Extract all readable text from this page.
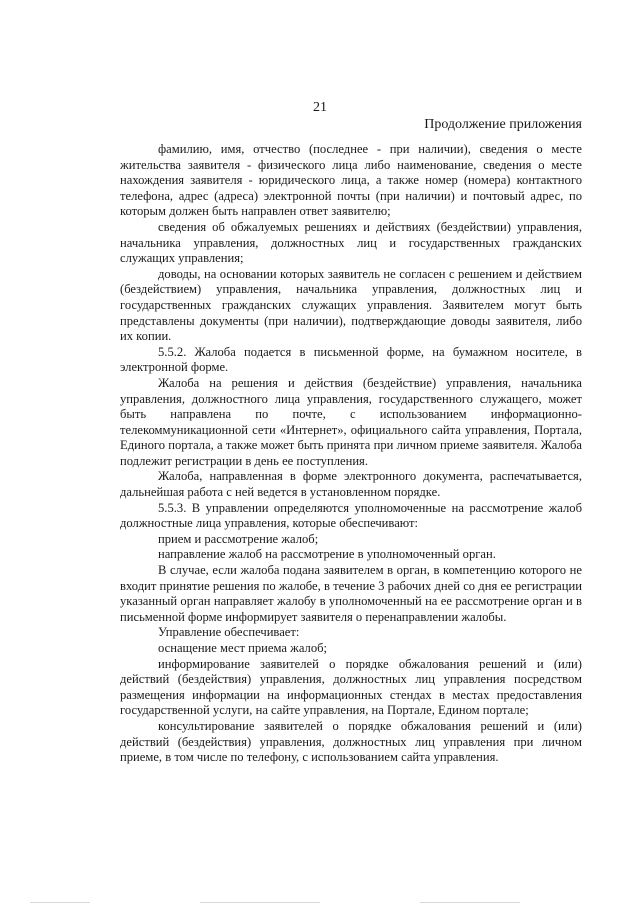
21
Продолжение приложения

фамилию, имя, отчество (последнее - при наличии), сведения о месте жительства заявителя - физического лица либо наименование, сведения о месте нахождения заявителя - юридического лица, а также номер (номера) контактного телефона, адрес (адреса) электронной почты (при наличии) и почтовый адрес, по которым должен быть направлен ответ заявителю;

сведения об обжалуемых решениях и действиях (бездействии) управления, начальника управления, должностных лиц и государственных гражданских служащих управления;

доводы, на основании которых заявитель не согласен с решением и действием (бездействием) управления, начальника управления, должностных лиц и государственных гражданских служащих управления. Заявителем могут быть представлены документы (при наличии), подтверждающие доводы заявителя, либо их копии.

5.5.2. Жалоба подается в письменной форме, на бумажном носителе, в электронной форме.

Жалоба на решения и действия (бездействие) управления, начальника управления, должностного лица управления, государственного служащего, может быть направлена по почте, с использованием информационно-телекоммуникационной сети «Интернет», официального сайта управления, Портала, Единого портала, а также может быть принята при личном приеме заявителя. Жалоба подлежит регистрации в день ее поступления.

Жалоба, направленная в форме электронного документа, распечатывается, дальнейшая работа с ней ведется в установленном порядке.

5.5.3. В управлении определяются уполномоченные на рассмотрение жалоб должностные лица управления, которые обеспечивают:

прием и рассмотрение жалоб;

направление жалоб на рассмотрение в уполномоченный орган.

В случае, если жалоба подана заявителем в орган, в компетенцию которого не входит принятие решения по жалобе, в течение 3 рабочих дней со дня ее регистрации указанный орган направляет жалобу в уполномоченный на ее рассмотрение орган и в письменной форме информирует заявителя о перенаправлении жалобы.

Управление обеспечивает:

оснащение мест приема жалоб;

информирование заявителей о порядке обжалования решений и (или) действий (бездействия) управления, должностных лиц управления посредством размещения информации на информационных стендах в местах предоставления государственной услуги, на сайте управления, на Портале, Едином портале;

консультирование заявителей о порядке обжалования решений и (или) действий (бездействия) управления, должностных лиц управления при личном приеме, в том числе по телефону, с использованием сайта управления.
